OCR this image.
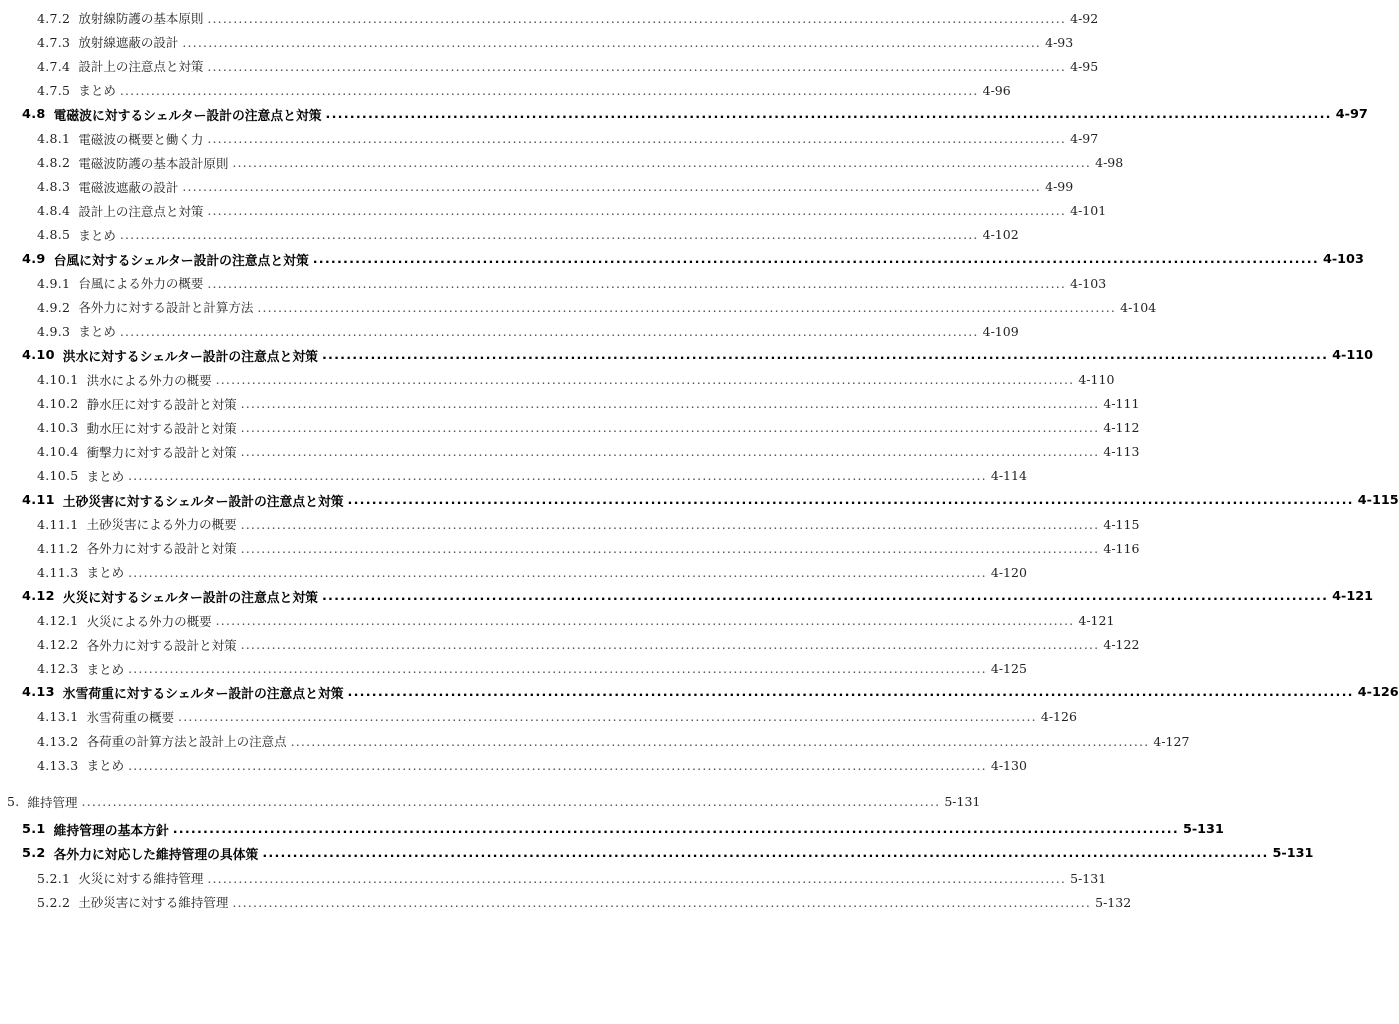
4.7.2 放射線防護の基本原則 ...................................................................................................................................................................... 4-92
4.7.3 放射線遮蔽の設計 ...................................................................................................................................................................... 4-93
4.7.4 設計上の注意点と対策 ...................................................................................................................................................................... 4-95
4.7.5 まとめ ...................................................................................................................................................................... 4-96
4.8 電磁波に対するシェルター設計の注意点と対策 ...................................................................................................................................................................... 4-97
4.8.1 電磁波の概要と働く力 ...................................................................................................................................................................... 4-97
4.8.2 電磁波防護の基本設計原則 ...................................................................................................................................................................... 4-98
4.8.3 電磁波遮蔽の設計 ...................................................................................................................................................................... 4-99
4.8.4 設計上の注意点と対策 ...................................................................................................................................................................... 4-101
4.8.5 まとめ ...................................................................................................................................................................... 4-102
4.9 台風に対するシェルター設計の注意点と対策 ...................................................................................................................................................................... 4-103
4.9.1 台風による外力の概要 ...................................................................................................................................................................... 4-103
4.9.2 各外力に対する設計と計算方法 ...................................................................................................................................................................... 4-104
4.9.3 まとめ ...................................................................................................................................................................... 4-109
4.10 洪水に対するシェルター設計の注意点と対策 ...................................................................................................................................................................... 4-110
4.10.1 洪水による外力の概要 ...................................................................................................................................................................... 4-110
4.10.2 静水圧に対する設計と対策 ...................................................................................................................................................................... 4-111
4.10.3 動水圧に対する設計と対策 ...................................................................................................................................................................... 4-112
4.10.4 衝撃力に対する設計と対策 ...................................................................................................................................................................... 4-113
4.10.5 まとめ ...................................................................................................................................................................... 4-114
4.11 土砂災害に対するシェルター設計の注意点と対策 ...................................................................................................................................................................... 4-115
4.11.1 土砂災害による外力の概要 ...................................................................................................................................................................... 4-115
4.11.2 各外力に対する設計と対策 ...................................................................................................................................................................... 4-116
4.11.3 まとめ ...................................................................................................................................................................... 4-120
4.12 火災に対するシェルター設計の注意点と対策 ...................................................................................................................................................................... 4-121
4.12.1 火災による外力の概要 ...................................................................................................................................................................... 4-121
4.12.2 各外力に対する設計と対策 ...................................................................................................................................................................... 4-122
4.12.3 まとめ ...................................................................................................................................................................... 4-125
4.13 氷雪荷重に対するシェルター設計の注意点と対策 ...................................................................................................................................................................... 4-126
4.13.1 氷雪荷重の概要 ...................................................................................................................................................................... 4-126
4.13.2 各荷重の計算方法と設計上の注意点 ...................................................................................................................................................................... 4-127
4.13.3 まとめ ...................................................................................................................................................................... 4-130
5. 維持管理 ...................................................................................................................................................................... 5-131
5.1 維持管理の基本方針 ...................................................................................................................................................................... 5-131
5.2 各外力に対応した維持管理の具体策 ...................................................................................................................................................................... 5-131
5.2.1 火災に対する維持管理 ...................................................................................................................................................................... 5-131
5.2.2 土砂災害に対する維持管理 ...................................................................................................................................................................... 5-132
